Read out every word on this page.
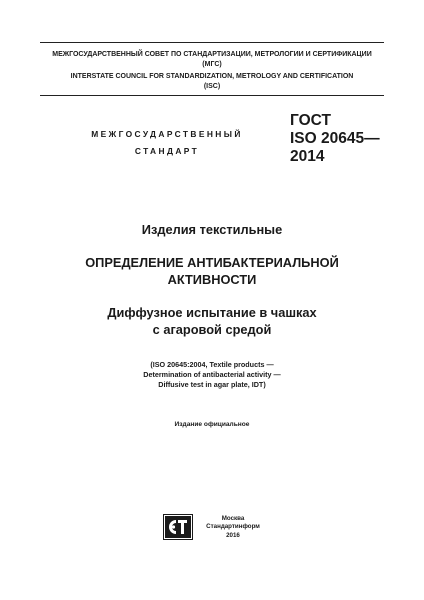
МЕЖГОСУДАРСТВЕННЫЙ СОВЕТ ПО СТАНДАРТИЗАЦИИ, МЕТРОЛОГИИ И СЕРТИФИКАЦИИ
(МГС)
INTERSTATE COUNCIL FOR STANDARDIZATION, METROLOGY AND CERTIFICATION
(ISC)
МЕЖГОСУДАРСТВЕННЫЙ
СТАНДАРТ
ГОСТ
ISO 20645—
2014
Изделия текстильные
ОПРЕДЕЛЕНИЕ АНТИБАКТЕРИАЛЬНОЙ
АКТИВНОСТИ
Диффузное испытание в чашках
с агаровой средой
(ISO 20645:2004, Textile products —
Determination of antibacterial activity —
Diffusive test in agar plate, IDT)
Издание официальное
Москва
Стандартинформ
2016
